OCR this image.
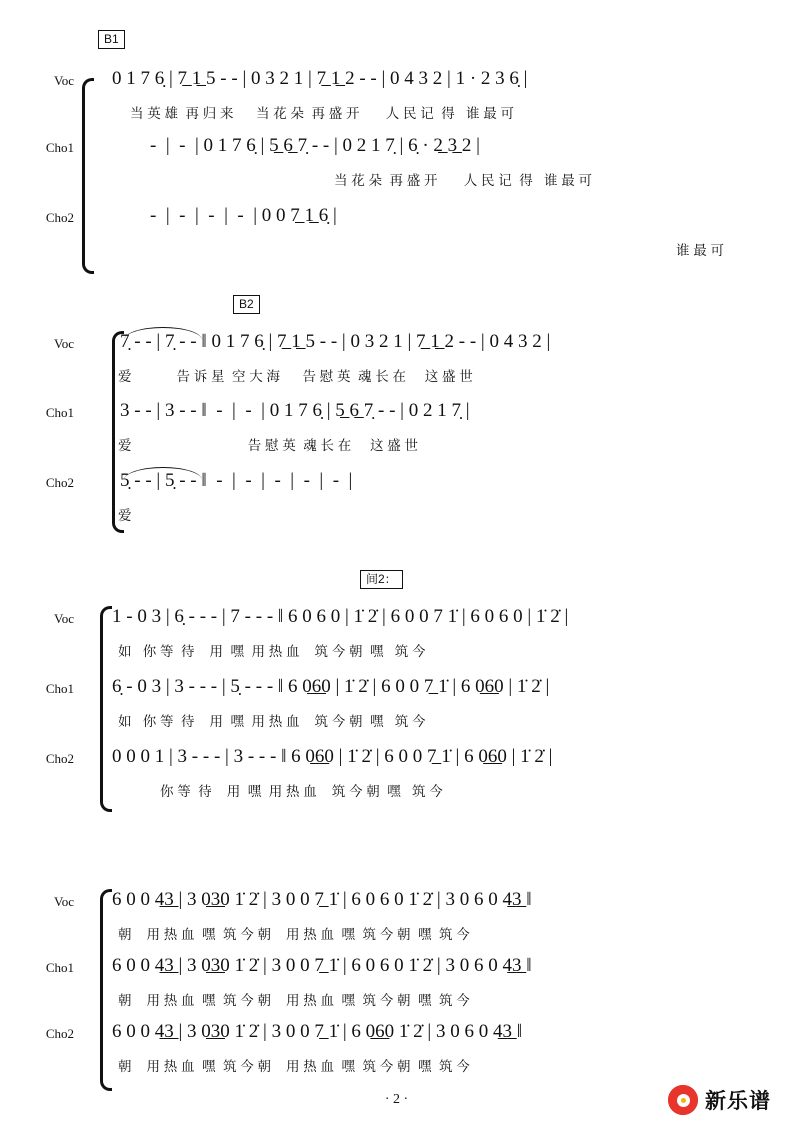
B1
Voc 0 1 7 6̣ | 7̲ 1̲ 5 - - | 0 3 2 1 | 7̲ 1̲ 2 - - | 0 4 3 2 | 1 · 2 3 6̣ |
当 英 雄  再 归 来      当 花 朵  再 盛 开       人 民 记  得   谁 最 可
Cho1	-  |  -  | 0 1 7 6̣ | 5̲ 6̲ 7̣ - - | 0 2 1 7̣ | 6̣ · 2̲ 3̲ 2 |
当 花 朵  再 盛 开       人 民 记  得   谁 最 可
Cho2	-  |  -  |  -  |  -  | 0 0 7̲ 1̲ 6̣ |
谁 最 可
B2
Voc 7̣ - - | 7̣ - - ‖ 0 1 7 6̣ | 7̲ 1̲ 5 - - | 0 3 2 1 | 7̲ 1̲ 2 - - | 0 4 3 2 |
爱            告 诉 星  空 大 海      告 慰 英  魂 长 在     这 盛 世
Cho1 3 - - | 3 - - ‖  -  |  -  | 0 1 7 6̣ | 5̲ 6̲ 7̣ - - | 0 2 1 7̣ |
爱                               告 慰 英  魂 长 在     这 盛 世
Cho2 5̣ - - | 5̣ - - ‖  -  |  -  |  -  |  -  |  -  |
爱
间2：
Voc 1 - 0 3 | 6̣ - - - | 7 - - - ‖ 6 0 6 0 | 1̇ 2̇ | 6 0 0 7 1̇ | 6 0 6 0 | 1̇ 2̇ |
如   你 等  待    用  嘿  用 热 血    筑 今 朝  嘿   筑 今
Cho1 6̣ - 0 3 | 3 - - - | 5̣ - - - ‖ 6 0̲6̲0 | 1̇ 2̇ | 6 0 0 7̲ 1̇ | 6 0̲6̲0 | 1̇ 2̇ |
如   你 等  待    用  嘿  用 热 血    筑 今 朝  嘿   筑 今
Cho2 0 0 0 1 | 3 - - - | 3 - - - ‖ 6 0̲6̲0 | 1̇ 2̇ | 6 0 0 7̲ 1̇ | 6 0̲6̲0 | 1̇ 2̇ |
你 等  待    用  嘿  用 热 血    筑 今 朝  嘿   筑 今
Voc 6 0 0 4̲3̲ | 3 0̲3̲0 1̇ 2̇ | 3 0 0 7̲ 1̇ | 6 0 6 0 1̇ 2̇ | 3 0 6 0 4̲3̲ ‖
朝    用 热 血  嘿  筑 今 朝    用 热 血  嘿  筑 今 朝  嘿  筑 今
Cho1 6 0 0 4̲3̲ | 3 0̲3̲0 1̇ 2̇ | 3 0 0 7̲ 1̇ | 6 0 6 0 1̇ 2̇ | 3 0 6 0 4̲3̲ ‖
朝    用 热 血  嘿  筑 今 朝    用 热 血  嘿  筑 今 朝  嘿  筑 今
Cho2 6 0 0 4̲3̲ | 3 0̲3̲0 1̇ 2̇ | 3 0 0 7̲ 1̇ | 6 0̲6̲0 1̇ 2̇ | 3 0 6 0 4̲3̲ ‖
朝    用 热 血  嘿  筑 今 朝    用 热 血  嘿  筑 今 朝  嘿  筑 今
· 2 ·	新乐谱
